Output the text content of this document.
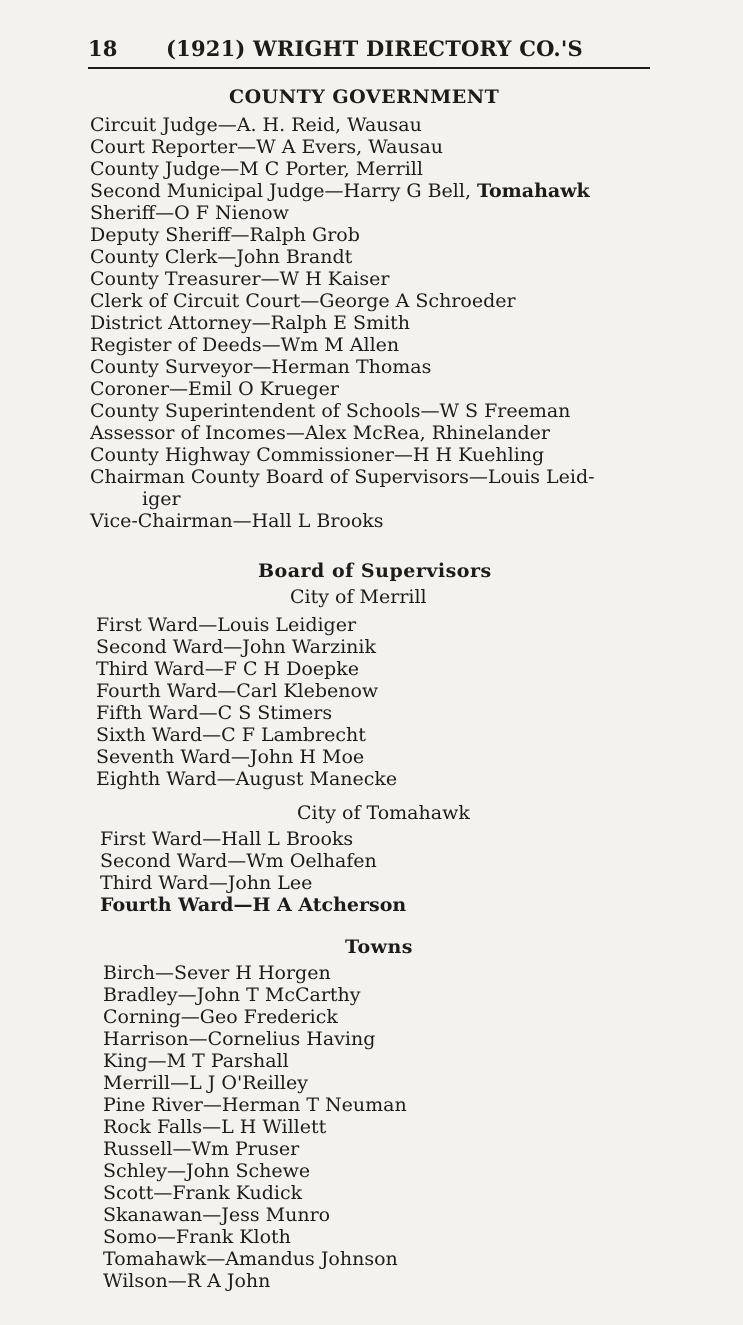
18 (1921) WRIGHT DIRECTORY CO.'S
COUNTY GOVERNMENT
Circuit Judge—A. H. Reid, Wausau
Court Reporter—W A Evers, Wausau
County Judge—M C Porter, Merrill
Second Municipal Judge—Harry G Bell, Tomahawk
Sheriff—O F Nienow
Deputy Sheriff—Ralph Grob
County Clerk—John Brandt
County Treasurer—W H Kaiser
Clerk of Circuit Court—George A Schroeder
District Attorney—Ralph E Smith
Register of Deeds—Wm M Allen
County Surveyor—Herman Thomas
Coroner—Emil O Krueger
County Superintendent of Schools—W S Freeman
Assessor of Incomes—Alex McRea, Rhinelander
County Highway Commissioner—H H Kuehling
Chairman County Board of Supervisors—Louis Leid-
iger
Vice-Chairman—Hall L Brooks
Board of Supervisors
City of Merrill
First Ward—Louis Leidiger
Second Ward—John Warzinik
Third Ward—F C H Doepke
Fourth Ward—Carl Klebenow
Fifth Ward—C S Stimers
Sixth Ward—C F Lambrecht
Seventh Ward—John H Moe
Eighth Ward—August Manecke
City of Tomahawk
First Ward—Hall L Brooks
Second Ward—Wm Oelhafen
Third Ward—John Lee
Fourth Ward—H A Atcherson
Towns
Birch—Sever H Horgen
Bradley—John T McCarthy
Corning—Geo Frederick
Harrison—Cornelius Having
King—M T Parshall
Merrill—L J O'Reilley
Pine River—Herman T Neuman
Rock Falls—L H Willett
Russell—Wm Pruser
Schley—John Schewe
Scott—Frank Kudick
Skanawan—Jess Munro
Somo—Frank Kloth
Tomahawk—Amandus Johnson
Wilson—R A John
